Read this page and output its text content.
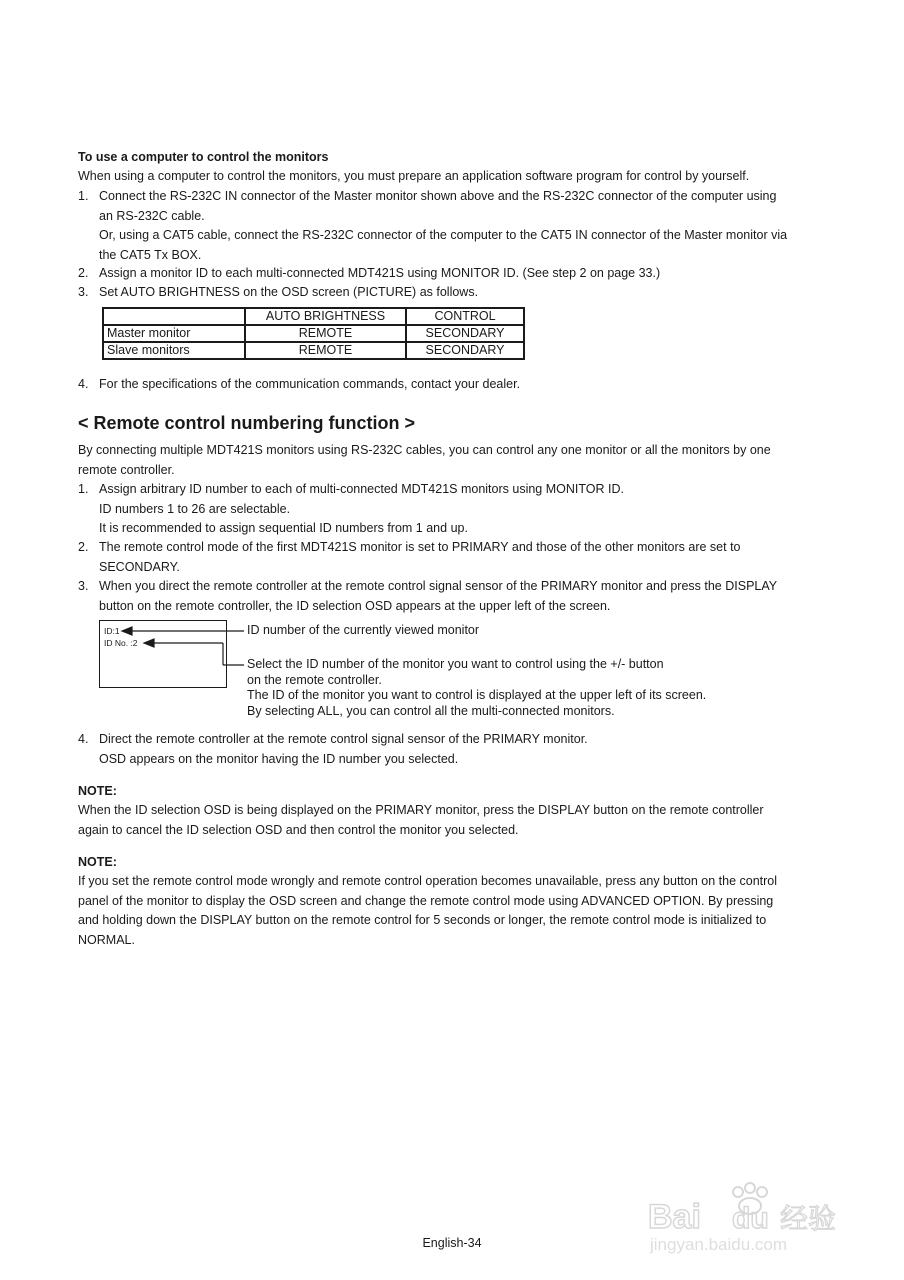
To use a computer to control the monitors
When using a computer to control the monitors, you must prepare an application software program for control by yourself.
1. Connect the RS-232C IN connector of the Master monitor shown above and the RS-232C connector of the computer using
an RS-232C cable.
Or, using a CAT5 cable, connect the RS-232C connector of the computer to the CAT5 IN connector of the Master monitor via
the CAT5 Tx BOX.
2. Assign a monitor ID to each multi-connected MDT421S using MONITOR ID. (See step 2 on page 33.)
3. Set AUTO BRIGHTNESS on the OSD screen (PICTURE) as follows.
	AUTO BRIGHTNESS	CONTROL
Master monitor	REMOTE	SECONDARY
Slave monitors	REMOTE	SECONDARY
4. For the specifications of the communication commands, contact your dealer.
< Remote control numbering function >
By connecting multiple MDT421S monitors using RS-232C cables, you can control any one monitor or all the monitors by one
remote controller.
1. Assign arbitrary ID number to each of multi-connected MDT421S monitors using MONITOR ID.
ID numbers 1 to 26 are selectable.
It is recommended to assign sequential ID numbers from 1 and up.
2. The remote control mode of the first MDT421S monitor is set to PRIMARY and those of the other monitors are set to
SECONDARY.
3. When you direct the remote controller at the remote control signal sensor of the PRIMARY monitor and press the DISPLAY
button on the remote controller, the ID selection OSD appears at the upper left of the screen.
ID:1
ID No. :2
ID number of the currently viewed monitor
Select the ID number of the monitor you want to control using the +/- button
on the remote controller.
The ID of the monitor you want to control is displayed at the upper left of its screen.
By selecting ALL, you can control all the multi-connected monitors.
4. Direct the remote controller at the remote control signal sensor of the PRIMARY monitor.
OSD appears on the monitor having the ID number you selected.
NOTE:
When the ID selection OSD is being displayed on the PRIMARY monitor, press the DISPLAY button on the remote controller
again to cancel the ID selection OSD and then control the monitor you selected.
NOTE:
If you set the remote control mode wrongly and remote control operation becomes unavailable, press any button on the control
panel of the monitor to display the OSD screen and change the remote control mode using ADVANCED OPTION. By pressing
and holding down the DISPLAY button on the remote control for 5 seconds or longer, the remote control mode is initialized to
NORMAL.
Bai du 经验
jingyan.baidu.com
English-34
